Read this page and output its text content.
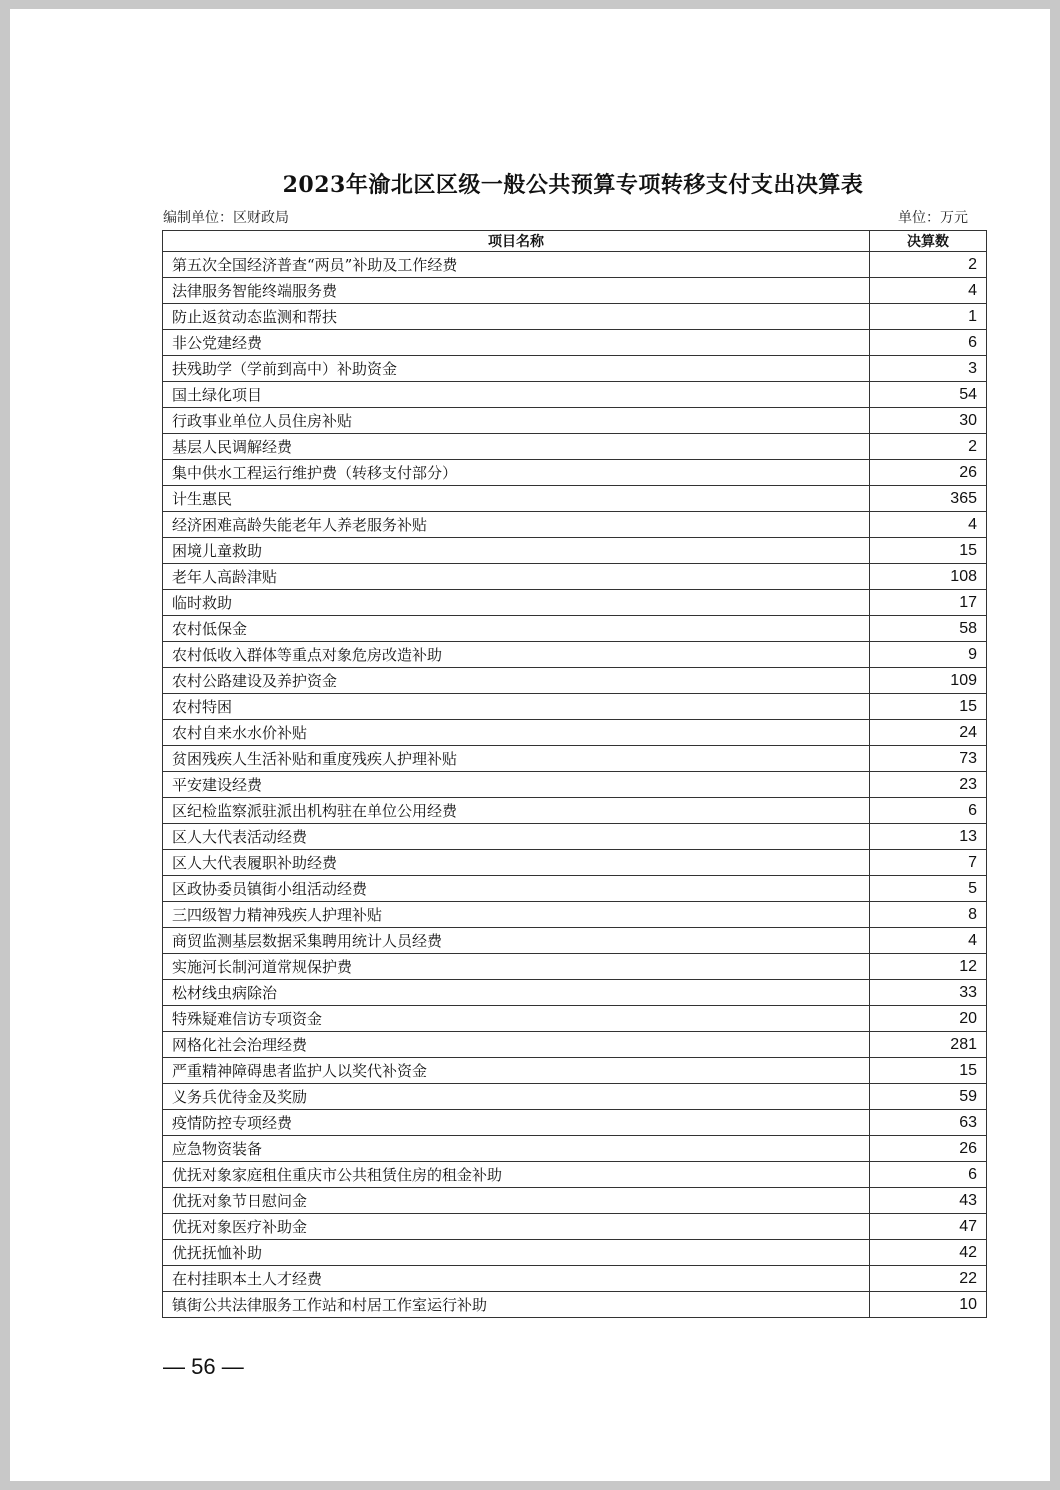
2023年渝北区区级一般公共预算专项转移支付支出决算表
编制单位：区财政局	单位：万元
项目名称	决算数
第五次全国经济普查“两员”补助及工作经费	2
法律服务智能终端服务费	4
防止返贫动态监测和帮扶	1
非公党建经费	6
扶残助学（学前到高中）补助资金	3
国土绿化项目	54
行政事业单位人员住房补贴	30
基层人民调解经费	2
集中供水工程运行维护费（转移支付部分）	26
计生惠民	365
经济困难高龄失能老年人养老服务补贴	4
困境儿童救助	15
老年人高龄津贴	108
临时救助	17
农村低保金	58
农村低收入群体等重点对象危房改造补助	9
农村公路建设及养护资金	109
农村特困	15
农村自来水水价补贴	24
贫困残疾人生活补贴和重度残疾人护理补贴	73
平安建设经费	23
区纪检监察派驻派出机构驻在单位公用经费	6
区人大代表活动经费	13
区人大代表履职补助经费	7
区政协委员镇街小组活动经费	5
三四级智力精神残疾人护理补贴	8
商贸监测基层数据采集聘用统计人员经费	4
实施河长制河道常规保护费	12
松材线虫病除治	33
特殊疑难信访专项资金	20
网格化社会治理经费	281
严重精神障碍患者监护人以奖代补资金	15
义务兵优待金及奖励	59
疫情防控专项经费	63
应急物资装备	26
优抚对象家庭租住重庆市公共租赁住房的租金补助	6
优抚对象节日慰问金	43
优抚对象医疗补助金	47
优抚抚恤补助	42
在村挂职本土人才经费	22
镇街公共法律服务工作站和村居工作室运行补助	10
— 56 —
